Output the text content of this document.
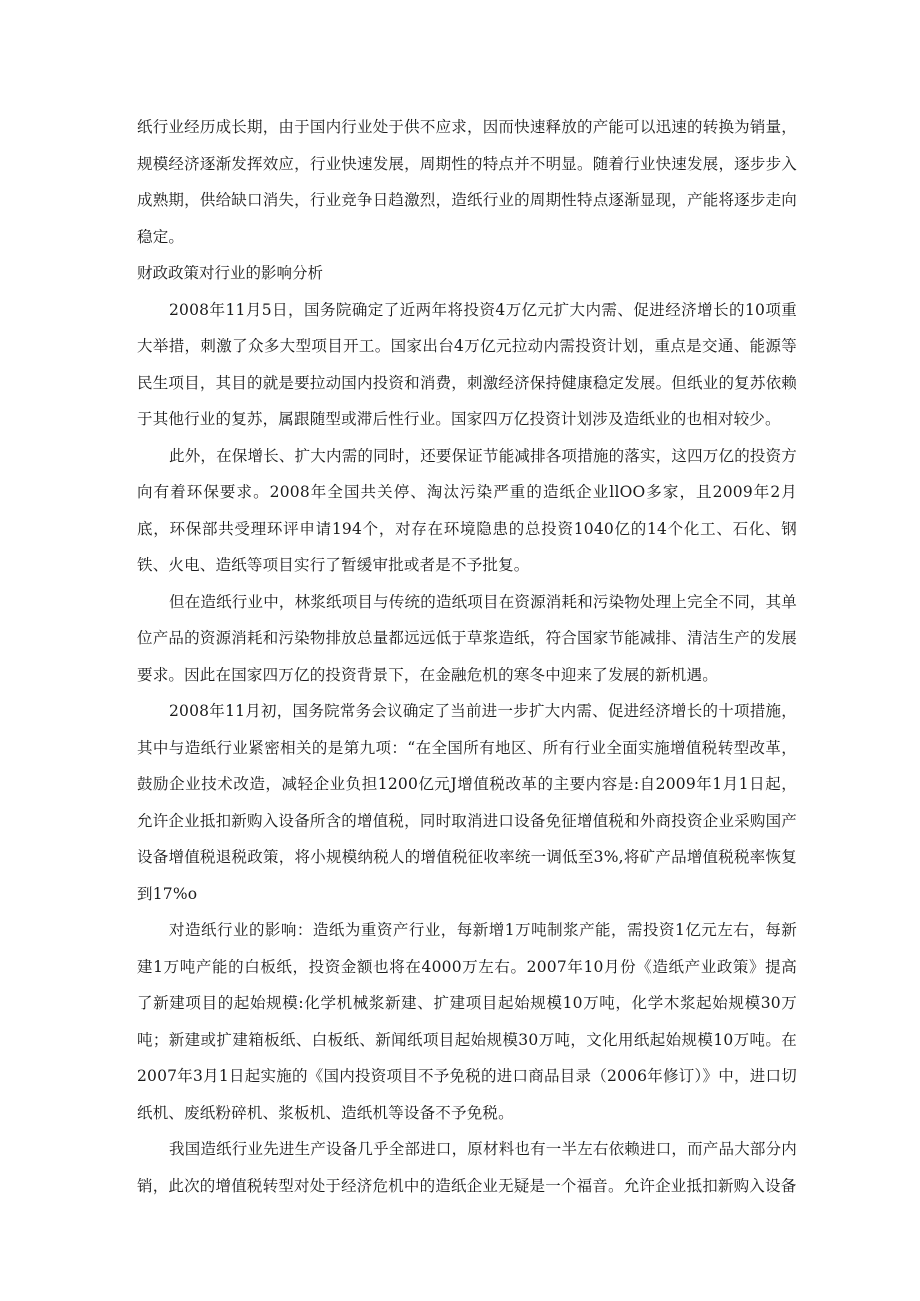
纸行业经历成长期，由于国内行业处于供不应求，因而快速释放的产能可以迅速的转换为销量，规模经济逐渐发挥效应，行业快速发展，周期性的特点并不明显。随着行业快速发展，逐步步入成熟期，供给缺口消失，行业竞争日趋激烈，造纸行业的周期性特点逐渐显现，产能将逐步走向稳定。

财政政策对行业的影响分析

2008年11月5日，国务院确定了近两年将投资4万亿元扩大内需、促进经济增长的10项重大举措，刺激了众多大型项目开工。国家出台4万亿元拉动内需投资计划，重点是交通、能源等民生项目，其目的就是要拉动国内投资和消费，刺激经济保持健康稳定发展。但纸业的复苏依赖于其他行业的复苏，属跟随型或滞后性行业。国家四万亿投资计划涉及造纸业的也相对较少。

此外，在保增长、扩大内需的同时，还要保证节能减排各项措施的落实，这四万亿的投资方向有着环保要求。2008年全国共关停、淘汰污染严重的造纸企业llOO多家，且2009年2月底，环保部共受理环评申请194个，对存在环境隐患的总投资1040亿的14个化工、石化、钢铁、火电、造纸等项目实行了暂缓审批或者是不予批复。

但在造纸行业中，林浆纸项目与传统的造纸项目在资源消耗和污染物处理上完全不同，其单位产品的资源消耗和污染物排放总量都远远低于草浆造纸，符合国家节能减排、清洁生产的发展要求。因此在国家四万亿的投资背景下，在金融危机的寒冬中迎来了发展的新机遇。

2008年11月初，国务院常务会议确定了当前进一步扩大内需、促进经济增长的十项措施，其中与造纸行业紧密相关的是第九项：“在全国所有地区、所有行业全面实施增值税转型改革，鼓励企业技术改造，减轻企业负担1200亿元J增值税改革的主要内容是:自2009年1月1日起，允许企业抵扣新购入设备所含的增值税，同时取消进口设备免征增值税和外商投资企业采购国产设备增值税退税政策，将小规模纳税人的增值税征收率统一调低至3%,将矿产品增值税税率恢复到17%o

对造纸行业的影响：造纸为重资产行业，每新增1万吨制浆产能，需投资1亿元左右，每新建1万吨产能的白板纸，投资金额也将在4000万左右。2007年10月份《造纸产业政策》提高了新建项目的起始规模:化学机械浆新建、扩建项目起始规模10万吨，化学木浆起始规模30万吨；新建或扩建箱板纸、白板纸、新闻纸项目起始规模30万吨，文化用纸起始规模10万吨。在2007年3月1日起实施的《国内投资项目不予免税的进口商品目录（2006年修订）》中，进口切纸机、废纸粉碎机、浆板机、造纸机等设备不予免税。

我国造纸行业先进生产设备几乎全部进口，原材料也有一半左右依赖进口，而产品大部分内销，此次的增值税转型对处于经济危机中的造纸企业无疑是一个福音。允许企业抵扣新购入设备
